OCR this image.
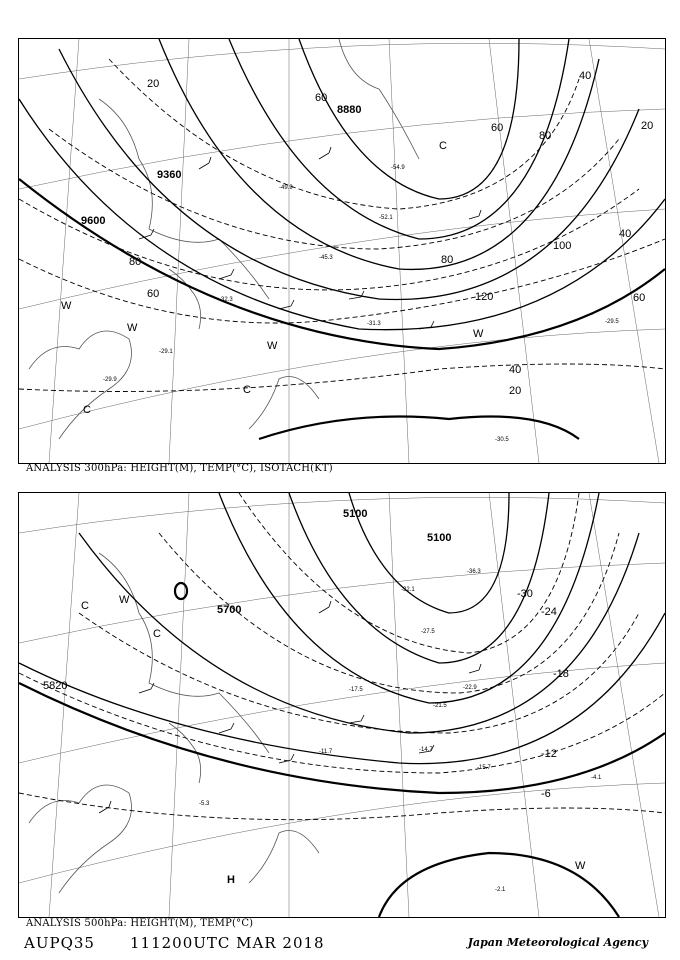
9600
9360
8880
20
20
40
60
80	80
100
120	60
40
20
40
60
80
60
W
W
W
C
C
C
W
-29.9
-29.1
-30.5
-29.5
-31.3
-32.3
-45.3
-49.9
-52.1
-54.9
ANALYSIS 300hPa: HEIGHT(M), TEMP(°C), ISOTACH(KT)
5100
5100
5700
5820
-30
-24
-18
-12
-6
C
C
W
H
W
-36.3
-32.1
-27.5
-22.9
-21.5
-17.5
-14.7
-15.7
-11.7
-4.1
-2.1
-5.3
ANALYSIS 500hPa: HEIGHT(M), TEMP(°C)
AUPQ35 111200UTC MAR 2018	Japan Meteorological Agency
